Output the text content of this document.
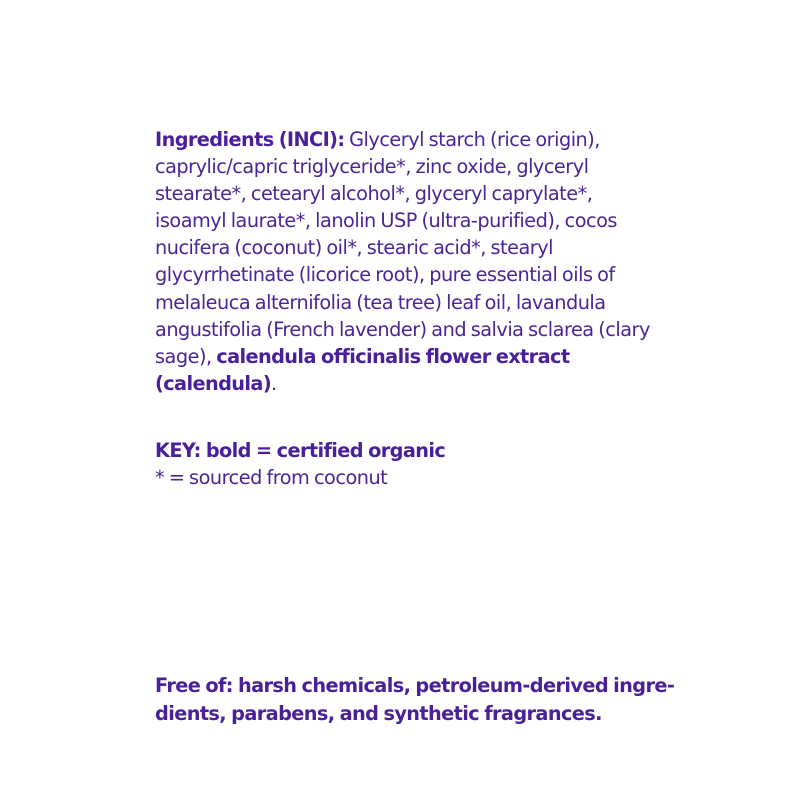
Ingredients (INCI): Glyceryl starch (rice origin), caprylic/capric triglyceride*, zinc oxide, glyceryl stearate*, cetearyl alcohol*, glyceryl caprylate*, isoamyl laurate*, lanolin USP (ultra-purified), cocos nucifera (coconut) oil*, stearic acid*, stearyl glycyrrhetinate (licorice root), pure essential oils of melaleuca alternifolia (tea tree) leaf oil, lavandula angustifolia (French lavender) and salvia sclarea (clary sage), calendula officinalis flower extract (calendula).
KEY: bold = certified organic
* = sourced from coconut
Free of: harsh chemicals, petroleum-derived ingre-dients, parabens, and synthetic fragrances.
